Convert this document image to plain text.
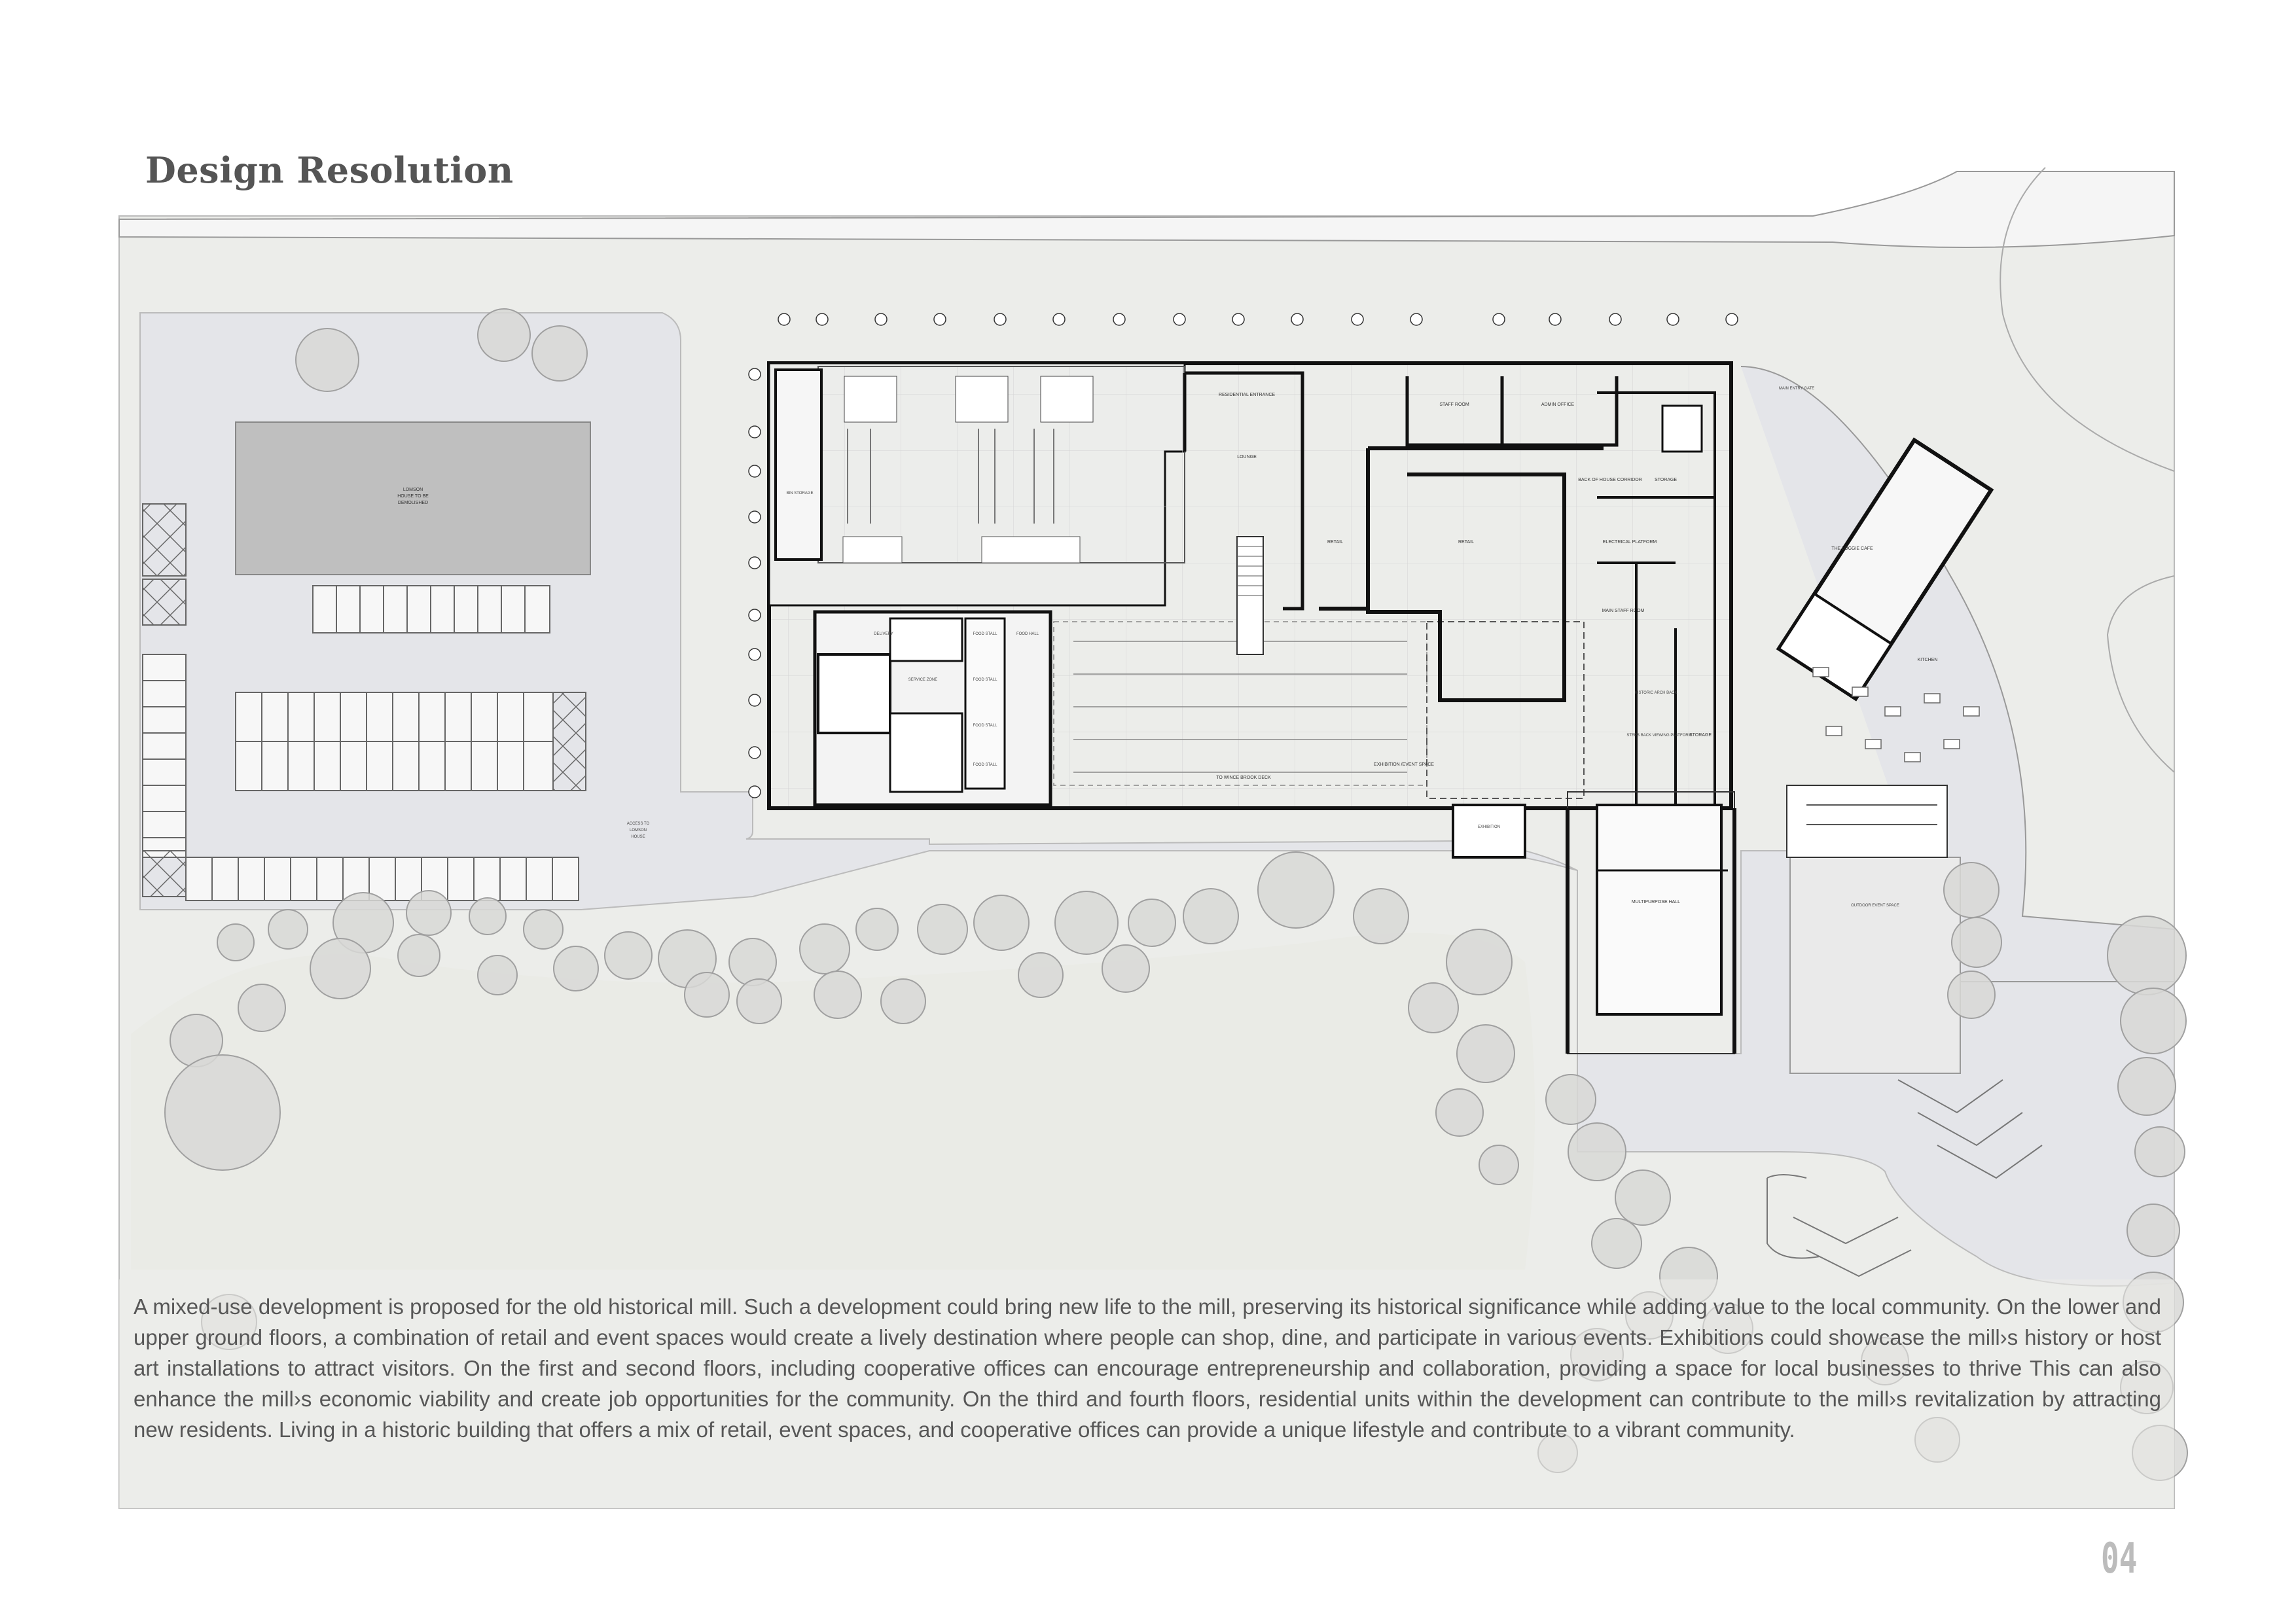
Design Resolution
LOMSON
HOUSE TO BE
DEMOLISHED
ACCESS TO
LOMSON
HOUSE
BIN STORAGE
FOOD STALL
FOOD STALL
FOOD STALL
FOOD STALL
SERVICE ZONE
DELIVERY	FOOD HALL
TO WINCE BROOK DECK
EXHIBITION /EVENT SPACE
RESIDENTIAL ENTRANCE
LOUNGE
RETAIL	RETAIL
STAFF ROOM	ADMIN OFFICE
BACK OF HOUSE CORRIDOR	STORAGE
ELECTRICAL PLATFORM
MAIN STAFF ROOM
HISTORIC ARCH BACK
STEPS BACK VIEWING PLATFORM
STORAGE
EXHIBITION
MULTIPURPOSE HALL
THE LOGGIE CAFE
KITCHEN
MAIN ENTRY GATE
OUTDOOR EVENT SPACE
A mixed-use development is proposed for the old historical mill. Such a development could bring new life to the mill, preserving its historical significance while adding value to the local community. On the lower and upper ground floors, a combination of retail and event spaces would create a lively destination where people can shop, dine, and participate in various events. Exhibitions could showcase the mill›s history or host art installations to attract visitors. On the first and second floors, including cooperative offices can encourage entrepreneurship and collaboration, providing a space for local businesses to thrive This can also enhance the mill›s economic viability and create job opportunities for the community. On the third and fourth floors, residential units within the development can contribute to the mill›s revitalization by attracting new residents. Living in a historic building that offers a mix of retail, event spaces, and cooperative offices can provide a unique lifestyle and contribute to a vibrant community.
04
